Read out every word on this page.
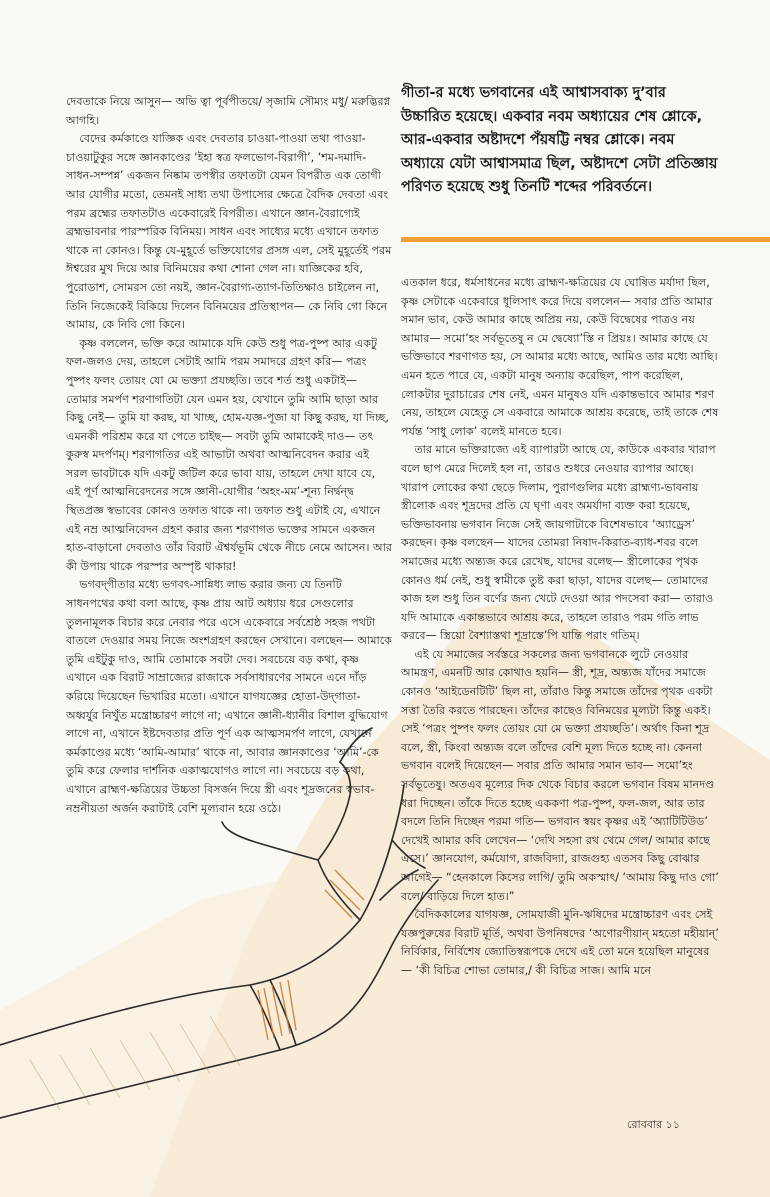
দেবতাকে নিয়ে আসুন— অভি ত্বা পূর্বপীতয়ে/ সৃজামি সৌম্যং মধু/ মরুদ্ভিরগ্ন আগহি।

বেদের কর্মকাণ্ডে যাজ্ঞিক এবং দেবতার চাওয়া-পাওয়া তথা পাওয়া-চাওয়াটুকুর সঙ্গে জ্ঞানকাণ্ডের ‘ইহা স্বত্র ফলভোগ-বিরাগী’, ‘শম-দমাদি-সাধন-সম্পন্ন’ একজন নিষ্কাম তপস্বীর তফাতটা যেমন বিপরীত এক তোগী আর যোগীর মতো, তেমনই সাধ্য তথা উপাস্যের ক্ষেত্রে বৈদিক দেবতা এবং পরম ব্রহ্মের তফাতটাও একেবারেই বিপরীত। এখানে জ্ঞান-বৈরাগ্যেই ব্রহ্মভাবনার পারস্পরিক বিনিময়। সাধন এবং সাধ্যের মধ্যে এখানে তফাত থাকে না কোনও। কিন্তু যে-মুহূর্তে ভক্তিযোগের প্রসঙ্গ এল, সেই মুহূর্তেই পরম ঈশ্বরের মুখ দিয়ে আর বিনিময়ের কথা শোনা গেল না। যাজ্ঞিকের হবি, পুরোডাশ, সোমরস তো নয়ই, জ্ঞান-বৈরাগ্য-ত্যাগ-তিতিক্ষাও চাইলেন না, তিনি নিজেকেই বিকিয়ে দিলেন বিনিময়ের প্রতিস্থাপন— কে নিবি গো কিনে আমায়, কে নিবি গো কিনে।

কৃষ্ণ বললেন, ভক্তি করে আমাকে যদি কেউ শুধু পত্র-পুষ্প আর একটু ফল-জলও দেয়, তাহলে সেটাই আমি পরম সমাদরে গ্রহণ করি— পত্রং পুষ্পং ফলং তোয়ং যো মে ভক্ত্যা প্রযচ্ছতি। তবে শর্ত শুধু একটাই— তোমার সমর্পণ শরণাগতিটা যেন এমন হয়, যেখানে তুমি আমি ছাড়া আর কিছু নেই— তুমি যা করছ, যা খাচ্ছ, হোম-যজ্ঞ-পূজা যা কিছু করছ, যা দিচ্ছ, এমনকী পরিশ্রম করে যা পেতে চাইছ— সবটা তুমি আমাকেই দাও— তৎ কুরুস্ব মদর্পণম্। শরণাগতির এই আভাটা অথবা আত্মনিবেদন করার এই সরল ভাবটাকে যদি একটু জটিল করে ভাবা যায়, তাহলে দেখা যাবে যে, এই পূর্ণ আত্মনিবেদনের সঙ্গে জ্ঞানী-যোগীর ‘অহং-মম’-শূন্য নির্দ্বন্দ্ব স্থিতপ্রজ্ঞ স্বভাবের কোনও তফাত থাকে না। তফাত শুধু এটাই যে, এখানে এই নম্র আত্মনিবেদন গ্রহণ করার জন্য শরণাগত ভক্তের সামনে একজন হাত-বাড়ানো দেবতাও তাঁর বিরাট ঐশ্বর্যভূমি থেকে নীচে নেমে আসেন। আর কী উপায় থাকে পরস্পর অস্পৃষ্ট থাকার!

ভগবদ্‌গীতার মধ্যে ভগবৎ-সান্নিধ্য লাভ করার জন্য যে তিনটি সাধনপথের কথা বলা আছে, কৃষ্ণ প্রায় আট অধ্যায় ধরে সেগুলোর তুলনামূলক বিচার করে নেবার পরে এসে একেবারে সর্বশ্রেষ্ঠ সহজ পথটা বাতলে দেওয়ার সময় নিজে অংশগ্রহণ করছেন সেখানে। বলছেন— আমাকে তুমি এইটুকু দাও, আমি তোমাকে সবটা দেব। সবচেয়ে বড় কথা, কৃষ্ণ এখানে এক বিরাট সাম্রাজ্যের রাজাকে সর্বসাধারণের সামনে এনে দাঁড় করিয়ে দিয়েছেন ভিখারির মতো। এখানে যাগযজ্ঞের হোতা-উদ্‌গাতা-অধ্বর্যুর নিখুঁত মন্ত্রোচ্চারণ লাগে না; এখানে জ্ঞানী-ধ্যানীর বিশাল বুদ্ধিযোগ লাগে না, এখানে ইষ্টদেবতার প্রতি পূর্ণ এক আত্মসমর্পণ লাগে, যেখানে কর্মকাণ্ডের মধ্যে ‘আমি-আমার’ থাকে না, আবার জ্ঞানকাণ্ডের ‘আমি’-কে তুমি করে ফেলার দার্শনিক একাত্মযোগও লাগে না। সবচেয়ে বড় কথা, এখানে ব্রাহ্মণ-ক্ষত্রিয়ের উচ্চতা বিসর্জন দিয়ে স্ত্রী এবং শূদ্রজনের স্বভাব-নম্রনীয়তা অর্জন করাটাই বেশি মূল্যবান হয়ে ওঠে।

গীতা-র মধ্যে ভগবানের এই আশ্বাসবাক্য দু’বার উচ্চারিত হয়েছে। একবার নবম অধ্যায়ের শেষ শ্লোকে, আর-একবার অষ্টাদশে পঁয়ষট্টি নম্বর শ্লোকে। নবম অধ্যায়ে যেটা আশ্বাসমাত্র ছিল, অষ্টাদশে সেটা প্রতিজ্ঞায় পরিণত হয়েছে শুধু তিনটি শব্দের পরিবর্তনে।

এতকাল ধরে, ধর্মসাধনের মধ্যে ব্রাহ্মণ-ক্ষত্রিয়ের যে ঘোষিত মর্যাদা ছিল, কৃষ্ণ সেটাকে একেবারে ধূলিসাৎ করে দিয়ে বললেন— সবার প্রতি আমার সমান ভাব, কেউ আমার কাছে অপ্রিয় নয়, কেউ বিদ্বেষের পাত্রও নয় আমার— সমো’হং সর্বভূতেষু ন মে দ্বেষ্যো’স্তি ন প্রিয়ঃ। আমার কাছে যে ভক্তিভাবে শরণাগত হয়, সে আমার মধ্যে আছে, আমিও তার মধ্যে আছি। এমন হতে পারে যে, একটা মানুষ অন্যায় করেছিল, পাপ করেছিল, লোকটার দুরাচারের শেষ নেই, এমন মানুষও যদি একান্তভাবে আমার শরণ নেয়, তাহলে যেহেতু সে একবারে আমাকে আশ্রয় করেছে, তাই তাকে শেষ পর্যন্ত ‘সাধু লোক’ বলেই মানতে হবে।

তার মানে ভক্তিরাজ্যে এই ব্যাপারটা আছে যে, কাউকে একবার খারাপ বলে ছাপ মেরে দিলেই হল না, তারও শুধরে নেওয়ার ব্যাপার আছে। খারাপ লোকের কথা ছেড়ে দিলাম, পুরাণগুলির মধ্যে ব্রাহ্মণ্য-ভাবনায় স্ত্রীলোক এবং শূদ্রদের প্রতি যে ঘৃণা এবং অমর্যাদা ব্যক্ত করা হয়েছে, ভক্তিভাবনায় ভগবান নিজে সেই জায়গাটাকে বিশেষভাবে ‘অ্যাড্রেস’ করছেন। কৃষ্ণ বলছেন— যাদের তোমরা নিষাদ-কিরাত-ব্যাধ-শবর বলে সমাজের মধ্যে অন্ত্যজ করে রেখেছ, যাদের বলেছ— স্ত্রীলোকের পৃথক কোনও ধর্ম নেই, শুধু স্বামীকে তুষ্ট করা ছাড়া, যাদের বলেছ— তোমাদের কাজ হল শুধু তিন বর্ণের জন্য খেটে দেওয়া আর পদসেবা করা— তারাও যদি আমাকে একান্তভাবে আশ্রয় করে, তাহলে তারাও পরম গতি লাভ করবে— স্ত্রিয়ো বৈশ্যাস্তথা শূদ্রাস্তে’পি যান্তি পরাং গতিম্।

এই যে সমাজের সর্বস্তরে সকলের জন্য ভগবানকে লুটে নেওয়ার আমন্ত্রণ, এমনটি আর কোথাও হয়নি— স্ত্রী, শূদ্র, অন্ত্যজ যাঁদের সমাজে কোনও ‘আইডেনটিটি’ ছিল না, তাঁরাও কিন্তু সমাজে তাঁদের পৃথক একটা সত্তা তৈরি করতে পারছেন। তাঁদের কাছেও বিনিময়ের মূল্যটা কিন্তু একই। সেই ‘পত্রং পুষ্পং ফলং তোয়ং যো মে ভক্ত্যা প্রযচ্ছতি’। অর্থাৎ কিনা শূদ্র বলে, স্ত্রী, কিংবা অন্ত্যজ বলে তাঁদের বেশি মূল্য দিতে হচ্ছে না। কেননা ভগবান বলেই দিয়েছেন— সবার প্রতি আমার সমান ভাব— সমো’হং সর্বভূতেষু। অতএব মূল্যের দিক থেকে বিচার করলে ভগবান বিষম মানদণ্ড ধরা দিচ্ছেন। তাঁকে দিতে হচ্ছে এককণা পত্র-পুষ্প, ফল-জল, আর তার বদলে তিনি দিচ্ছেন পরমা গতি— ভগবান স্বয়ং কৃষ্ণর এই ‘অ্যাটিটিউড’ দেখেই আমার কবি লেখেন— ‘দেখি সহসা রথ থেমে গেল/ আমার কাছে এসে।’ জ্ঞানযোগ, কর্মযোগ, রাজবিদ্যা, রাজগুহ্য এতসব কিছু বোঝার আগেই— “হেনকালে কিসের লাগি/ তুমি অকস্মাৎ/ ‘আমায় কিছু দাও গো’ বলে/ বাড়িয়ে দিলে হাত।”

বৈদিককালের যাগযজ্ঞ, সোমযাজী মুনি-ঋষিদের মন্ত্রোচ্চারণ এবং সেই যজ্ঞপুরুষের বিরাট মূর্তি, অথবা উপনিষদের ‘অণোরণীয়ান্ মহতো মহীয়ান্’ নির্বিকার, নির্বিশেষ জ্যোতিস্বরূপকে দেখে এই তো মনে হয়েছিল মানুষের— ‘কী বিচিত্র শোভা তোমার,/ কী বিচিত্র সাজ। আমি মনে

রোববার ১১
